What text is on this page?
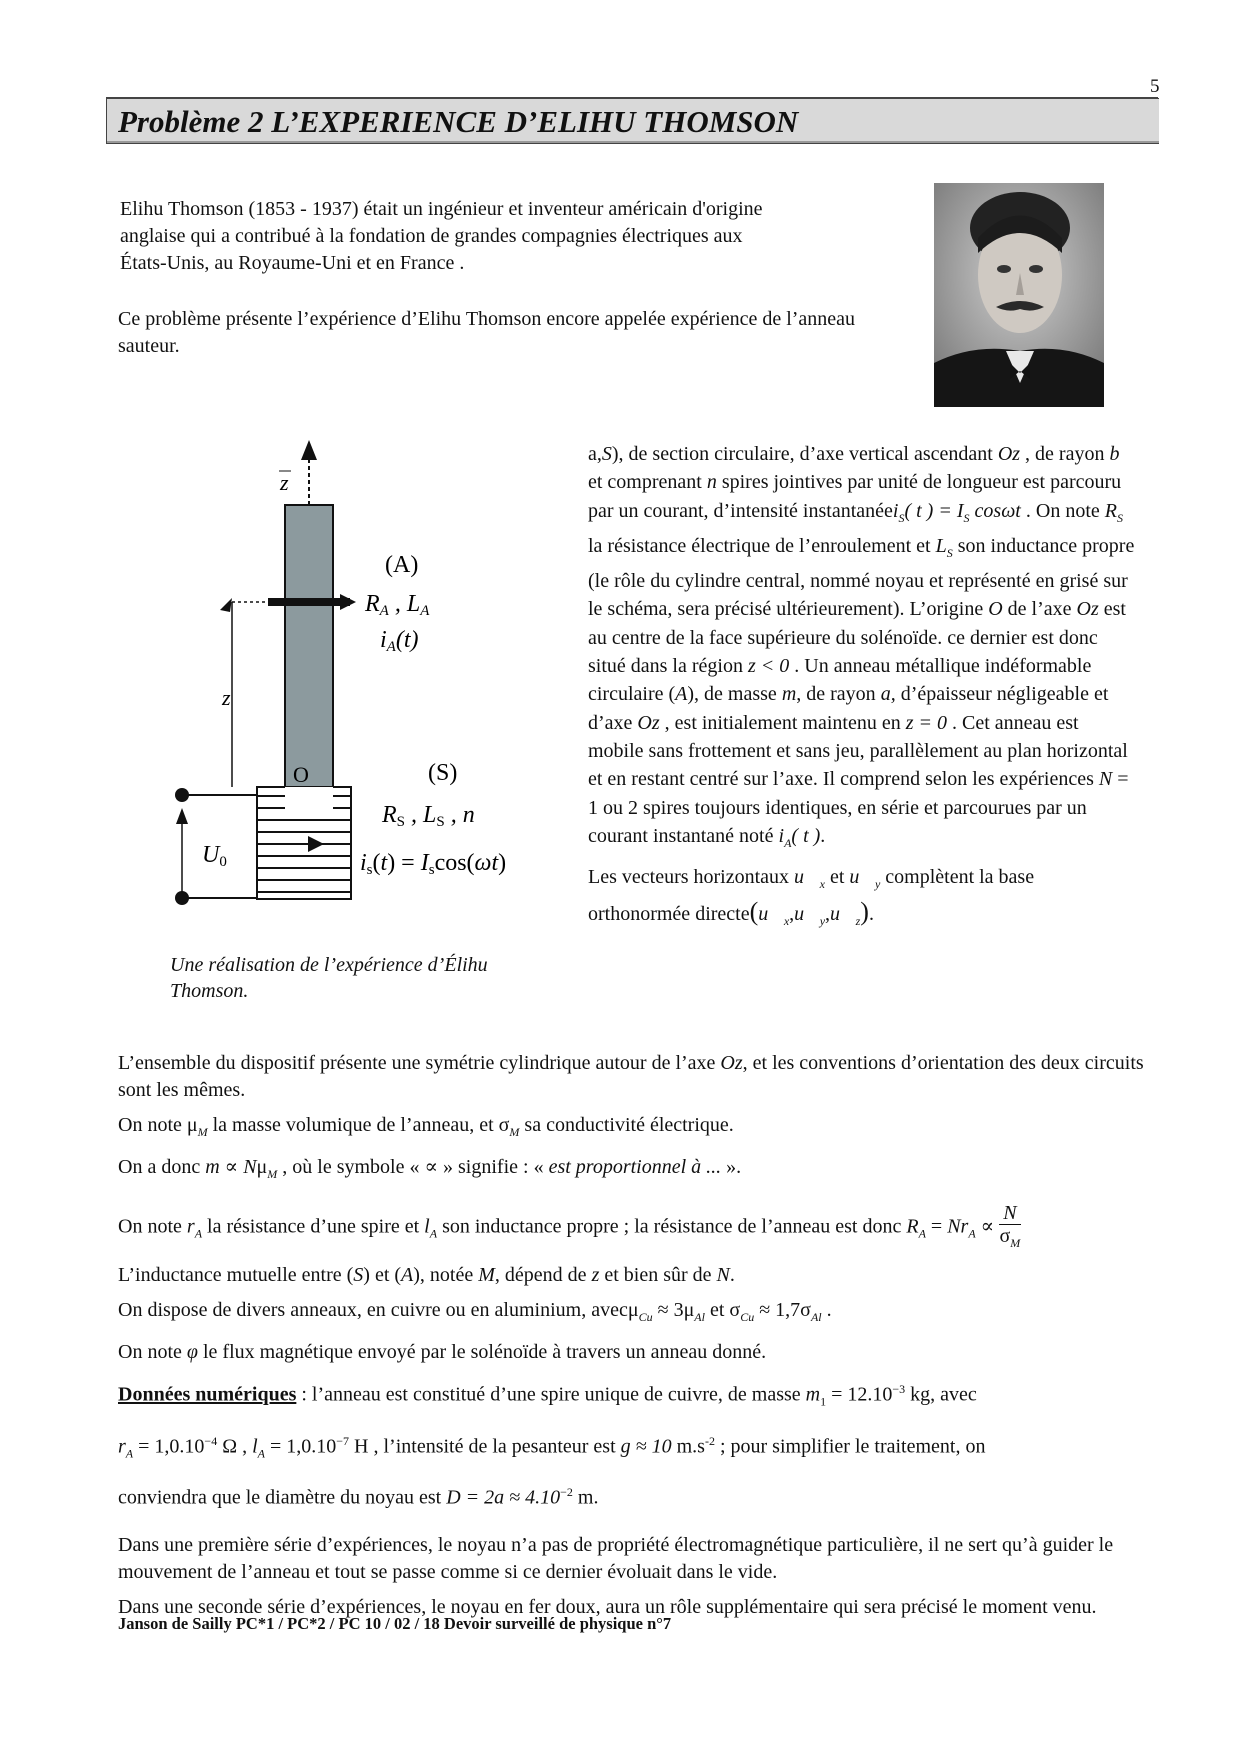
5
Problème 2 L’EXPERIENCE D’ELIHU THOMSON

Elihu Thomson (1853 - 1937) était un ingénieur et inventeur américain d'origine anglaise qui a contribué à la fondation de grandes compagnies électriques aux États-Unis, au Royaume-Uni et en France .

Ce problème présente l’expérience d’Elihu Thomson encore appelée expérience de l’anneau sauteur.

z
z
O
(A)
RA , LA
iA(t)
U0
(S)
RS , LS , n
is(t) = Iscos(ωt)
Une réalisation de l’expérience d’Élihu Thomson.

a,S), de section circulaire, d’axe vertical ascendant Oz , de rayon b et comprenant n spires jointives par unité de longueur est parcouru par un courant, d’intensité instantanéei$_S$( t ) = $I_S$ cosωt . On note $R_S$ la résistance électrique de l’enroulement et $L_S$ son inductance propre (le rôle du cylindre central, nommé noyau et représenté en grisé sur le schéma, sera précisé ultérieurement). L’origine O de l’axe Oz est au centre de la face supérieure du solénoïde. ce dernier est donc situé dans la région z < 0 . Un anneau métallique indéformable circulaire (A), de masse m, de rayon a, d’épaisseur négligeable et d’axe Oz , est initialement maintenu en z = 0 . Cet anneau est mobile sans frottement et sans jeu, parallèlement au plan horizontal et en restant centré sur l’axe. Il comprend selon les expériences N = 1 ou 2 spires toujours identiques, en série et parcourues par un courant instantané noté $i_A$( t ).

Les vecteurs horizontaux $u⃗_x$ et $u⃗_y$ complètent la base orthonormée $directe(u⃗_x,u⃗_y,u⃗_z)$.

L’ensemble du dispositif présente une symétrie cylindrique autour de l’axe Oz, et les conventions d’orientation des deux circuits sont les mêmes.

On note $\mu_M$ la masse volumique de l’anneau, et $\sigma_M$ sa conductivité électrique.

On a donc $m \propto N\mu_M$ , où le symbole « ∝ » signifie : « est proportionnel à ... ».

On note $r_A$ la résistance d’une spire et $l_A$ son inductance propre ; la résistance de l’anneau est donc $R_A = Nr_A \propto \frac{N}{\sigma_M}$

L’inductance mutuelle entre (S) et (A), notée M, dépend de z et bien sûr de N.

On dispose de divers anneaux, en cuivre ou en aluminium, avecμ$_{Cu}$ ≈ $3\mu_{Al}$ et $\sigma_{Cu} \approx 1,7\sigma_{Al}$ .

On note φ le flux magnétique envoyé par le solénoïde à travers un anneau donné.

Données numériques : l’anneau est constitué d’une spire unique de cuivre, de masse $m_1 = 12.10^{-3}$ kg, avec

$r_A = 1,0.10^{-4}$ Ω , $l_A = 1,0.10^{-7}$ H , l’intensité de la pesanteur est g ≈ 10 $m.s^{-2}$ ; pour simplifier le traitement, on

conviendra que le diamètre du noyau est $D = 2a \approx 4.10^{-2}$ m.

Dans une première série d’expériences, le noyau n’a pas de propriété électromagnétique particulière, il ne sert qu’à guider le mouvement de l’anneau et tout se passe comme si ce dernier évoluait dans le vide.

Dans une seconde série d’expériences, le noyau en fer doux, aura un rôle supplémentaire qui sera précisé le moment venu.

Janson de Sailly PC*1 / PC*2 / PC 10 / 02 / 18 Devoir surveillé de physique n°7
